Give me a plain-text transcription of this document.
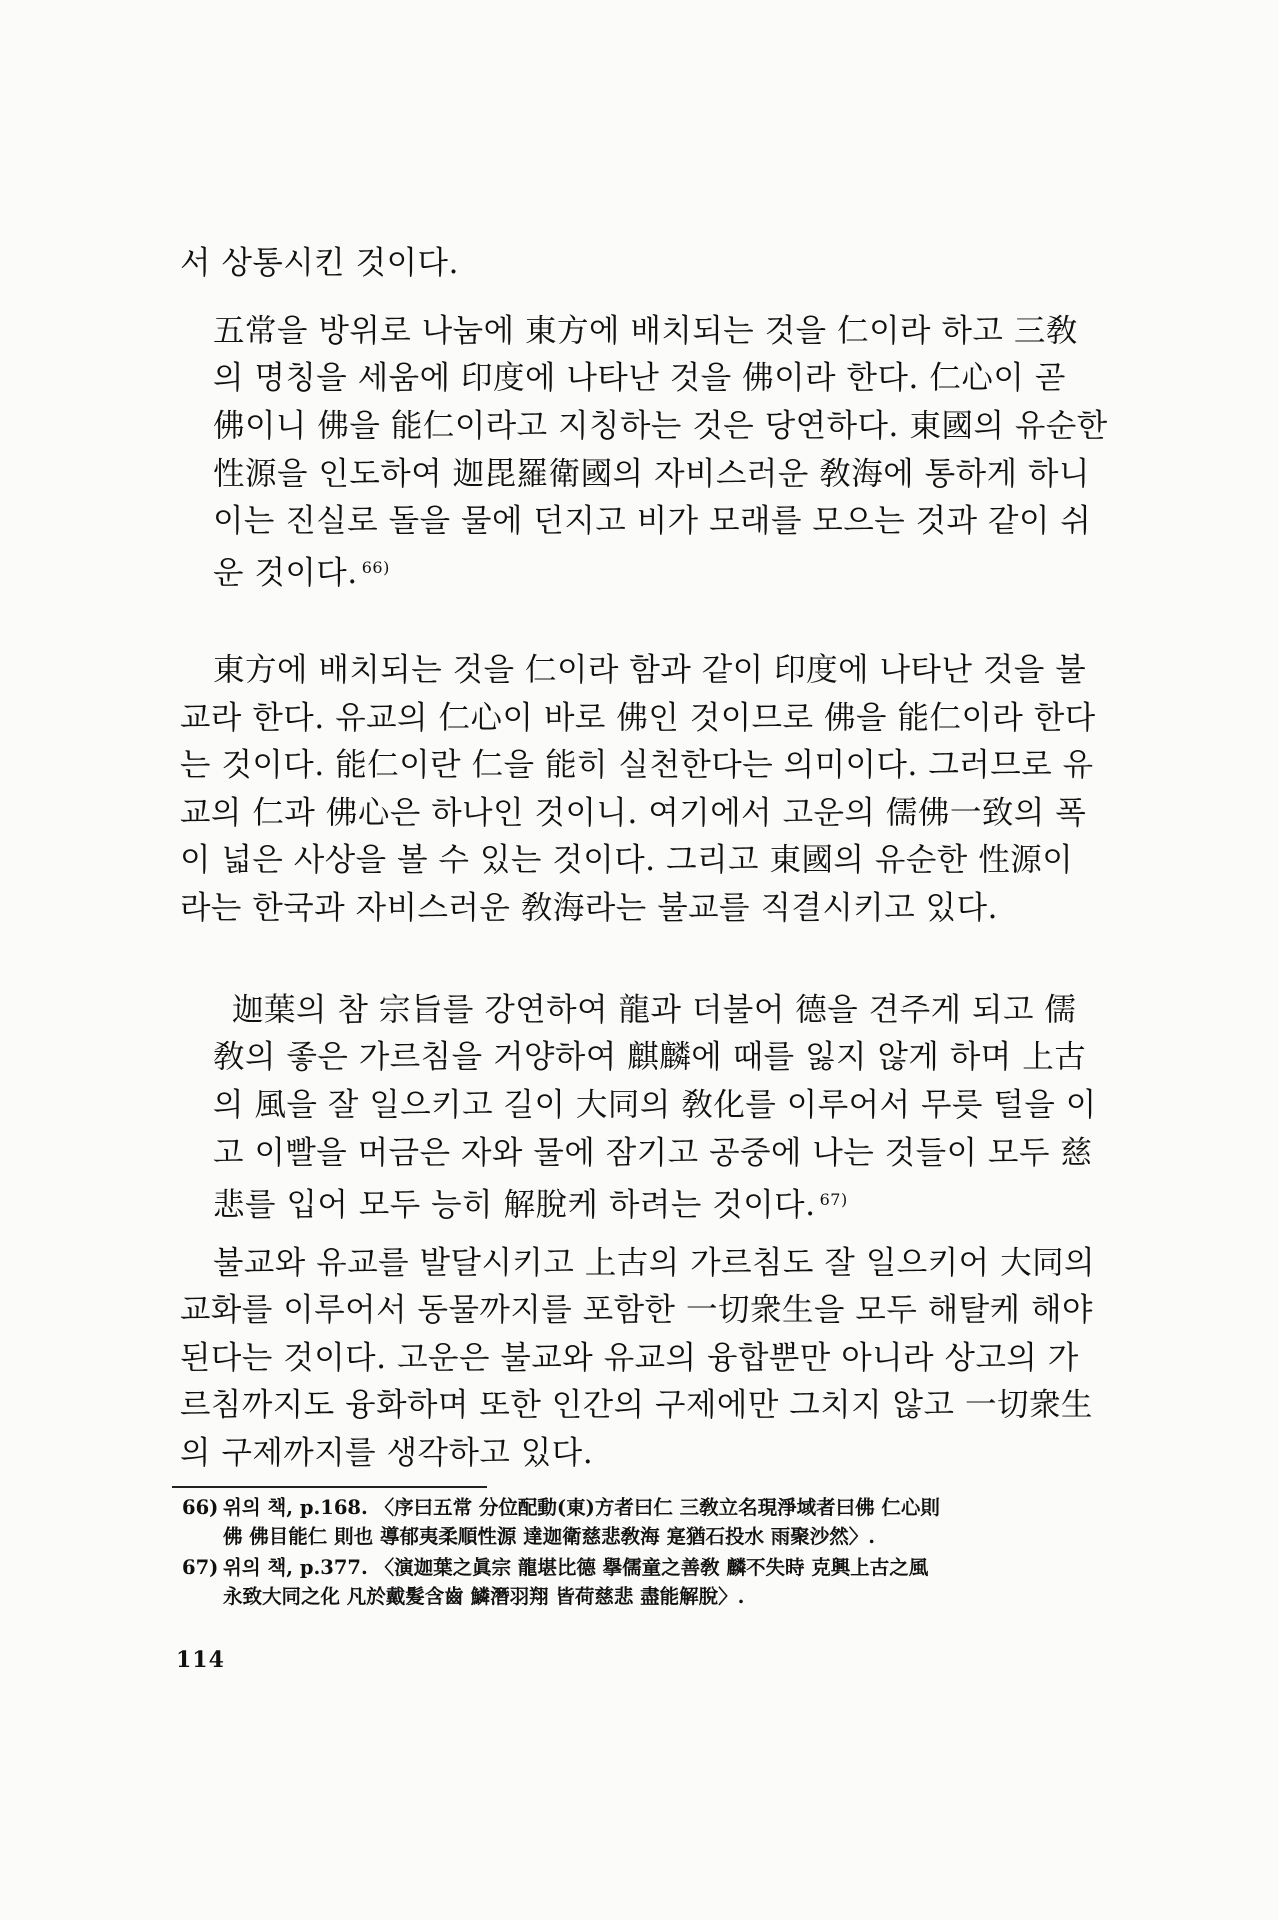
서 상통시킨 것이다.
五常을 방위로 나눔에 東方에 배치되는 것을 仁이라 하고 三敎
의 명칭을 세움에 印度에 나타난 것을 佛이라 한다. 仁心이 곧
佛이니 佛을 能仁이라고 지칭하는 것은 당연하다. 東國의 유순한
性源을 인도하여 迦毘羅衛國의 자비스러운 敎海에 통하게 하니
이는 진실로 돌을 물에 던지고 비가 모래를 모으는 것과 같이 쉬
운 것이다. $^{66)}$
東方에 배치되는 것을 仁이라 함과 같이 印度에 나타난 것을 불
교라 한다. 유교의 仁心이 바로 佛인 것이므로 佛을 能仁이라 한다
는 것이다. 能仁이란 仁을 能히 실천한다는 의미이다. 그러므로 유
교의 仁과 佛心은 하나인 것이니. 여기에서 고운의 儒佛一致의 폭
이 넓은 사상을 볼 수 있는 것이다. 그리고 東國의 유순한 性源이
라는 한국과 자비스러운 敎海라는 불교를 직결시키고 있다.
迦葉의 참 宗旨를 강연하여 龍과 더불어 德을 견주게 되고 儒
敎의 좋은 가르침을 거양하여 麒麟에 때를 잃지 않게 하며 上古
의 風을 잘 일으키고 길이 大同의 敎化를 이루어서 무릇 털을 이
고 이빨을 머금은 자와 물에 잠기고 공중에 나는 것들이 모두 慈
悲를 입어 모두 능히 解脫케 하려는 것이다. $^{67)}$
불교와 유교를 발달시키고 上古의 가르침도 잘 일으키어 大同의
교화를 이루어서 동물까지를 포함한 一切衆生을 모두 해탈케 해야
된다는 것이다. 고운은 불교와 유교의 융합뿐만 아니라 상고의 가
르침까지도 융화하며 또한 인간의 구제에만 그치지 않고 一切衆生
의 구제까지를 생각하고 있다.
66) 위의 책, p.168. 〈序曰五常 分位配動(東)方者曰仁 三敎立名現淨域者曰佛 仁心則
佛 佛目能仁 則也 導郁夷柔順性源 達迦衛慈悲敎海 寔猶石投水 雨聚沙然〉.
67) 위의 책, p.377. 〈演迦葉之眞宗 龍堪比德 擧儒童之善敎 麟不失時 克興上古之風
永致大同之化 凡於戴髮含齒 鱗潛羽翔 皆荷慈悲 盡能解脫〉.
114
